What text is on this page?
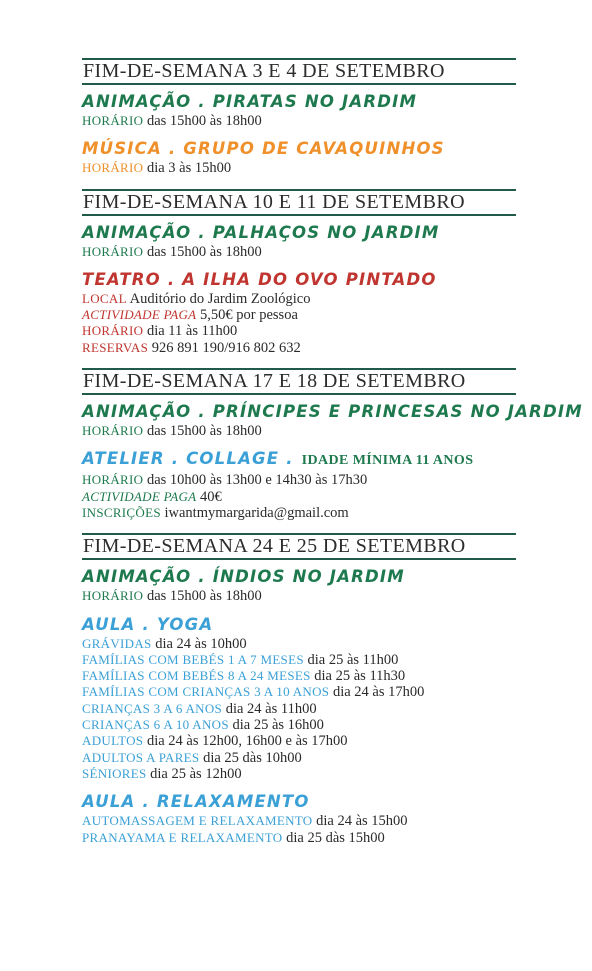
FIM-DE-SEMANA 3 E 4 DE SETEMBRO
ANIMAÇÃO . PIRATAS NO JARDIM
HORÁRIO das 15h00 às 18h00
MÚSICA . GRUPO DE CAVAQUINHOS
HORÁRIO dia 3 às 15h00
FIM-DE-SEMANA 10 E 11 DE SETEMBRO
ANIMAÇÃO . PALHAÇOS NO JARDIM
HORÁRIO das 15h00 às 18h00
TEATRO . A ILHA DO OVO PINTADO
LOCAL Auditório do Jardim Zoológico
ACTIVIDADE PAGA 5,50€ por pessoa
HORÁRIO dia 11 às 11h00
RESERVAS 926 891 190/916 802 632
FIM-DE-SEMANA 17 E 18 DE SETEMBRO
ANIMAÇÃO . PRÍNCIPES E PRINCESAS NO JARDIM
HORÁRIO das 15h00 às 18h00
ATELIER . COLLAGE . IDADE MÍNIMA 11 ANOS
HORÁRIO das 10h00 às 13h00 e 14h30 às 17h30
ACTIVIDADE PAGA 40€
INSCRIÇÕES iwantmymargarida@gmail.com
FIM-DE-SEMANA 24 E 25 DE SETEMBRO
ANIMAÇÃO . ÍNDIOS NO JARDIM
HORÁRIO das 15h00 às 18h00
AULA . YOGA
GRÁVIDAS dia 24 às 10h00
FAMÍLIAS COM BEBÉS 1 A 7 MESES dia 25 às 11h00
FAMÍLIAS COM BEBÉS 8 A 24 MESES dia 25 às 11h30
FAMÍLIAS COM CRIANÇAS 3 A 10 ANOS dia 24 às 17h00
CRIANÇAS 3 A 6 ANOS dia 24 às 11h00
CRIANÇAS 6 A 10 ANOS dia 25 às 16h00
ADULTOS dia 24 às 12h00, 16h00 e às 17h00
ADULTOS A PARES dia 25 dàs 10h00
SÉNIORES dia 25 às 12h00
AULA . RELAXAMENTO
AUTOMASSAGEM E RELAXAMENTO dia 24 às 15h00
PRANAYAMA E RELAXAMENTO dia 25 dàs 15h00
